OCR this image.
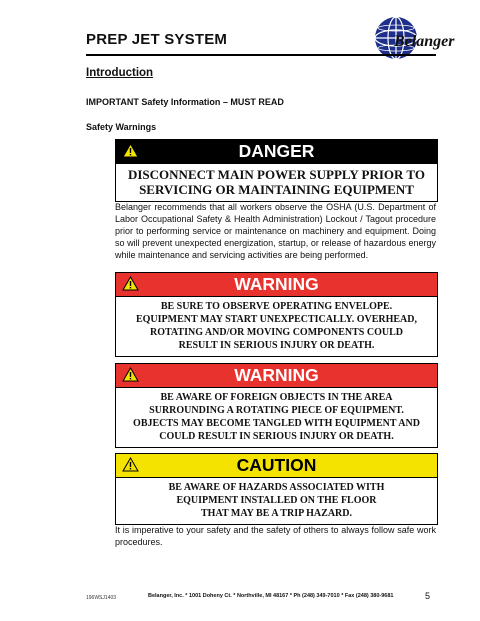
Belanger
PREP JET SYSTEM
Introduction
IMPORTANT Safety Information – MUST READ
Safety Warnings
DANGER
DISCONNECT MAIN POWER SUPPLY PRIOR TO
SERVICING OR MAINTAINING EQUIPMENT
Belanger recommends that all workers observe the OSHA (U.S. Department of Labor Occupational Safety & Health Administration) Lockout / Tagout procedure prior to performing service or maintenance on machinery and equipment. Doing so will prevent unexpected energization, startup, or release of hazardous energy while maintenance and servicing activities are being performed.
WARNING
BE SURE TO OBSERVE OPERATING ENVELOPE.
EQUIPMENT MAY START UNEXPECTICALLY. OVERHEAD,
ROTATING AND/OR MOVING COMPONENTS COULD
RESULT IN SERIOUS INJURY OR DEATH.
WARNING
BE AWARE OF FOREIGN OBJECTS IN THE AREA
SURROUNDING A ROTATING PIECE OF EQUIPMENT.
OBJECTS MAY BECOME TANGLED WITH EQUIPMENT AND
COULD RESULT IN SERIOUS INJURY OR DEATH.
CAUTION
BE AWARE OF HAZARDS ASSOCIATED WITH
EQUIPMENT INSTALLED ON THE FLOOR
THAT MAY BE A TRIP HAZARD.
It is imperative to your safety and the safety of others to always follow safe work procedures.
196WSJ1403	Belanger, Inc. * 1001 Doheny Ct. * Northville, MI 48167 * Ph (248) 349-7010 * Fax (248) 380-9681	5
